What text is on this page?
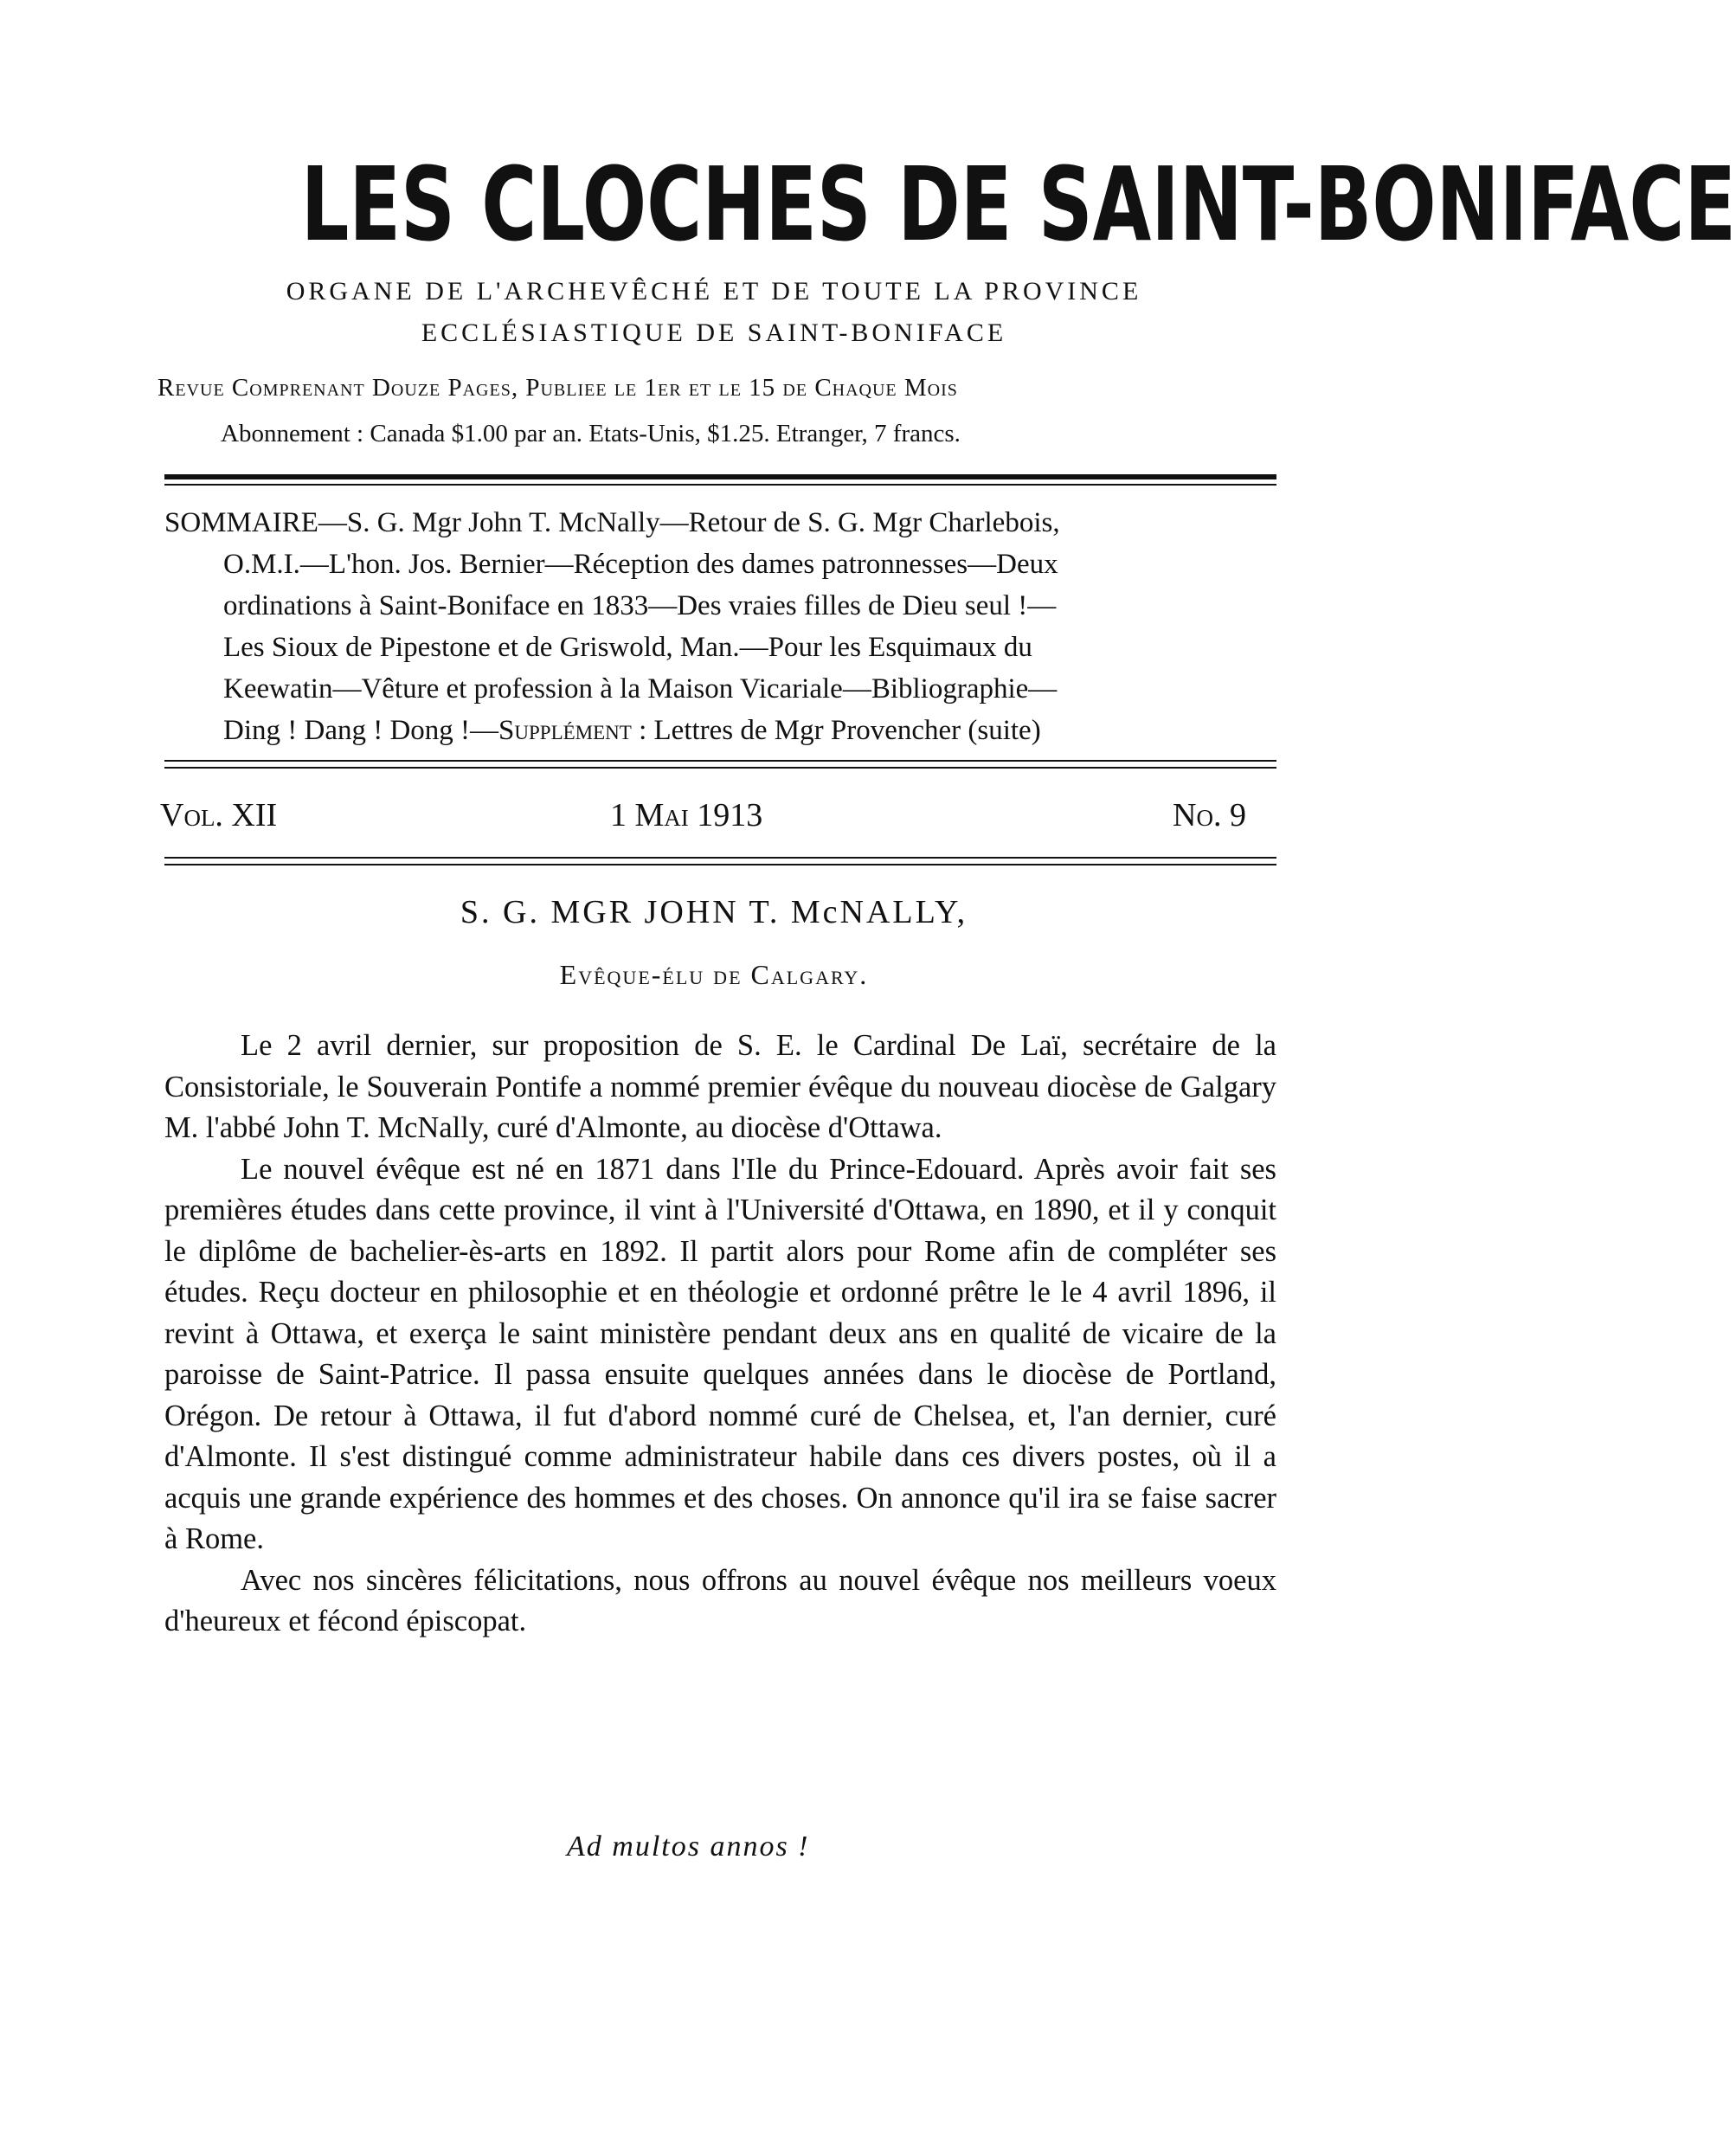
LES CLOCHES DE SAINT-BONIFACE
ORGANE DE L'ARCHEVÊCHÉ ET DE TOUTE LA PROVINCE
ECCLÉSIASTIQUE DE SAINT-BONIFACE
Revue Comprenant Douze Pages, Publiee le 1er et le 15 de Chaque Mois
Abonnement : Canada $1.00 par an. Etats-Unis, $1.25. Etranger, 7 francs.
SOMMAIRE—S. G. Mgr John T. McNally—Retour de S. G. Mgr Charlebois,
O.M.I.—L'hon. Jos. Bernier—Réception des dames patronnesses—Deux
ordinations à Saint-Boniface en 1833—Des vraies filles de Dieu seul !—
Les Sioux de Pipestone et de Griswold, Man.—Pour les Esquimaux du
Keewatin—Vêture et profession à la Maison Vicariale—Bibliographie—
Ding ! Dang ! Dong !—Supplément : Lettres de Mgr Provencher (suite)
Vol. XII	1 Mai 1913	No. 9
S. G. MGR JOHN T. McNALLY,
Evêque-élu de Calgary.

Le 2 avril dernier, sur proposition de S. E. le Cardinal De Laï, secrétaire de la Consistoriale, le Souverain Pontife a nommé premier évêque du nouveau diocèse de Galgary M. l'abbé John T. McNally, curé d'Almonte, au diocèse d'Ottawa.

Le nouvel évêque est né en 1871 dans l'Ile du Prince-Edouard. Après avoir fait ses premières études dans cette province, il vint à l'Université d'Ottawa, en 1890, et il y conquit le diplôme de bachelier-ès-arts en 1892. Il partit alors pour Rome afin de compléter ses études. Reçu docteur en philosophie et en théologie et ordonné prêtre le le 4 avril 1896, il revint à Ottawa, et exerça le saint ministère pendant deux ans en qualité de vicaire de la paroisse de Saint-Patrice. Il passa ensuite quelques années dans le diocèse de Portland, Orégon. De retour à Ottawa, il fut d'abord nommé curé de Chelsea, et, l'an dernier, curé d'Almonte. Il s'est distingué comme administrateur habile dans ces divers postes, où il a acquis une grande expérience des hommes et des choses. On annonce qu'il ira se faise sacrer à Rome.

Avec nos sincères félicitations, nous offrons au nouvel évêque nos meilleurs voeux d'heureux et fécond épiscopat.

Ad multos annos !
